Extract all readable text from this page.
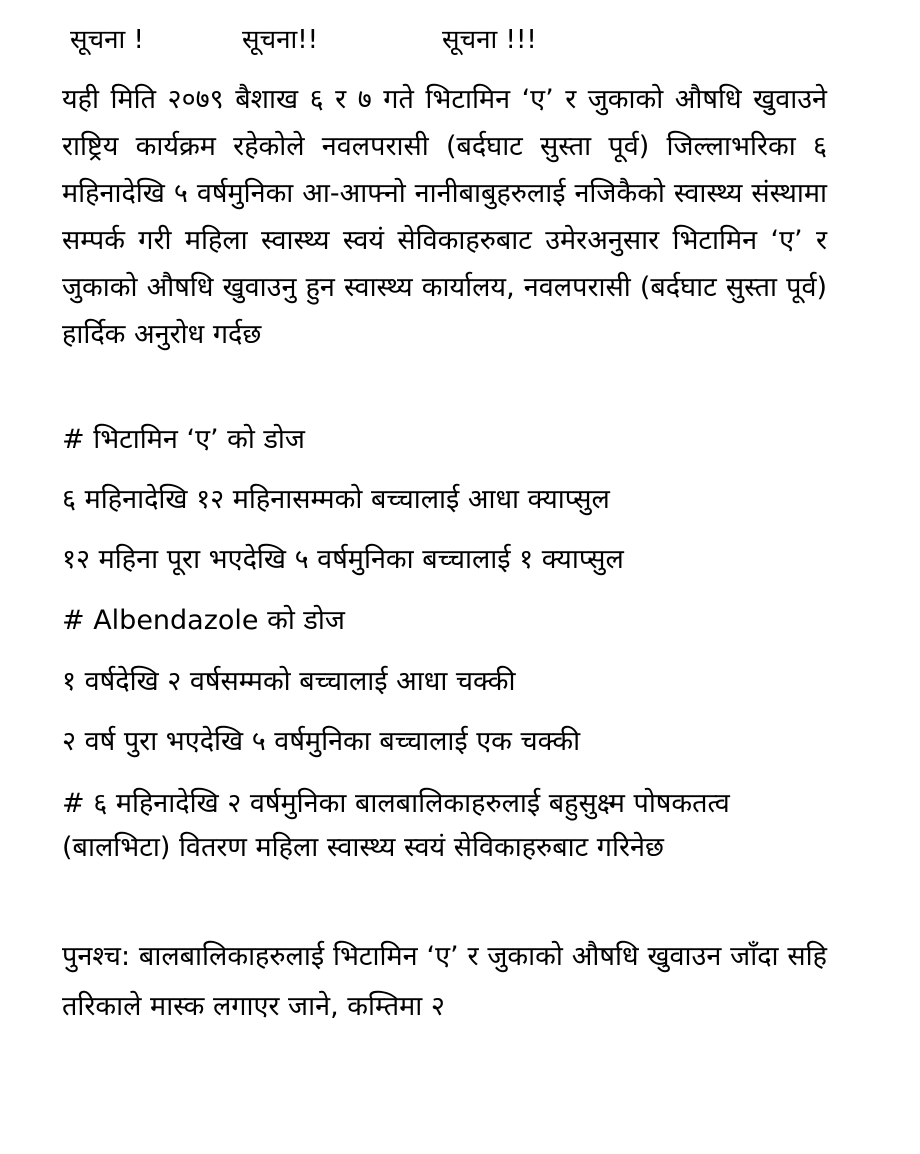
सूचना !	सूचना!!	सूचना !!!

यही मिति २०७९ बैशाख ६ र ७ गते भिटामिन ‘ए’ र जुकाको औषधि खुवाउने राष्ट्रिय कार्यक्रम रहेकोले नवलपरासी (बर्दघाट सुस्ता पूर्व) जिल्लाभरिका ६ महिनादेखि ५ वर्षमुनिका आ-आफ्नो नानीबाबुहरुलाई नजिकैको स्वास्थ्य संस्थामा सम्पर्क गरी महिला स्वास्थ्य स्वयं सेविकाहरुबाट उमेरअनुसार भिटामिन ‘ए’ र जुकाको औषधि खुवाउनु हुन स्वास्थ्य कार्यालय, नवलपरासी (बर्दघाट सुस्ता पूर्व) हार्दिक अनुरोध गर्दछ

# भिटामिन ‘ए’ को डोज

६ महिनादेखि १२ महिनासम्मको बच्चालाई आधा क्याप्सुल

१२ महिना पूरा भएदेखि ५ वर्षमुनिका बच्चालाई १ क्याप्सुल

# Albendazole को डोज

१ वर्षदेखि २ वर्षसम्मको बच्चालाई आधा चक्की

२ वर्ष पुरा भएदेखि ५ वर्षमुनिका बच्चालाई एक चक्की

# ६ महिनादेखि २ वर्षमुनिका बालबालिकाहरुलाई बहुसुक्ष्म पोषकतत्व (बालभिटा) वितरण महिला स्वास्थ्य स्वयं सेविकाहरुबाट गरिनेछ

पुनश्च: बालबालिकाहरुलाई भिटामिन ‘ए’ र जुकाको औषधि खुवाउन जाँदा सहि तरिकाले मास्क लगाएर जाने, कम्तिमा २
